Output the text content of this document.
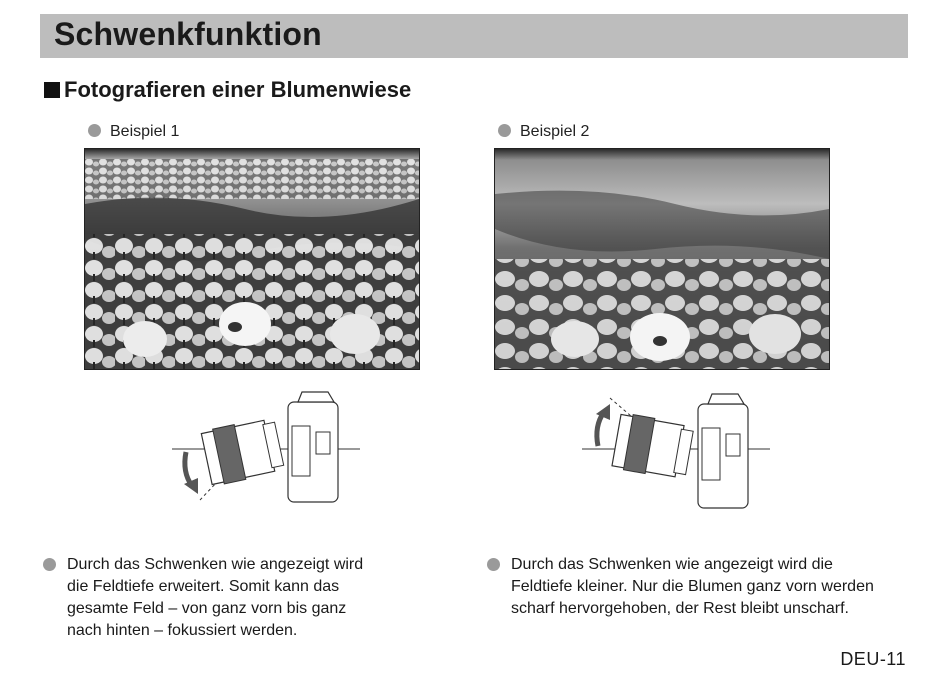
Schwenkfunktion
Fotografieren einer Blumenwiese
Beispiel 1
Durch das Schwenken wie angezeigt wird
die Feldtiefe erweitert. Somit kann das
gesamte Feld – von ganz vorn bis ganz
nach hinten – fokussiert werden.
Beispiel 2
Durch das Schwenken wie angezeigt wird die
Feldtiefe kleiner. Nur die Blumen ganz vorn werden
scharf hervorgehoben, der Rest bleibt unscharf.
DEU-11
